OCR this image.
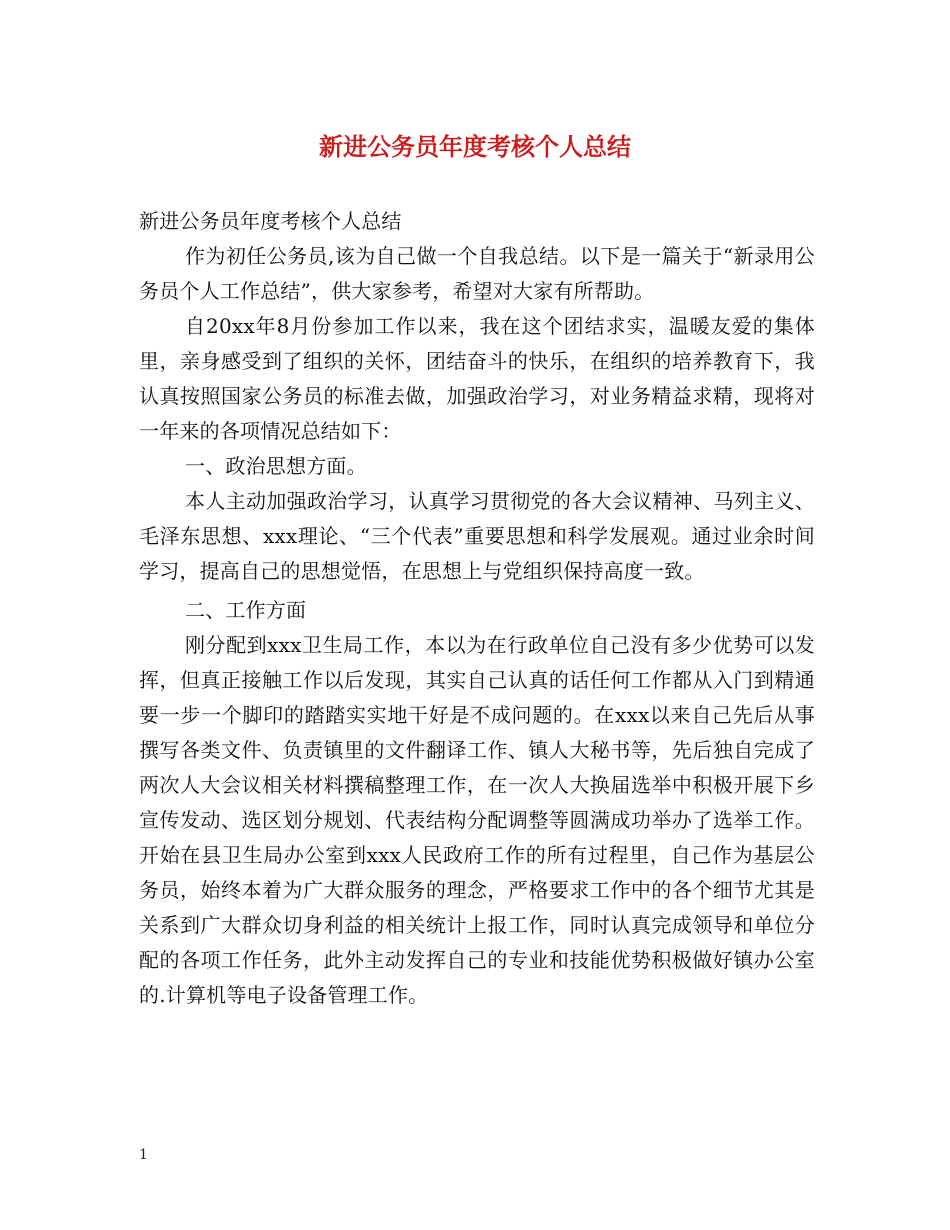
新进公务员年度考核个人总结

新进公务员年度考核个人总结

作为初任公务员,该为自己做一个自我总结。以下是一篇关于“新录用公务员个人工作总结”，供大家参考，希望对大家有所帮助。

自20xx年8月份参加工作以来，我在这个团结求实，温暖友爱的集体里，亲身感受到了组织的关怀，团结奋斗的快乐，在组织的培养教育下，我认真按照国家公务员的标准去做，加强政治学习，对业务精益求精，现将对一年来的各项情况总结如下：

一、政治思想方面。

本人主动加强政治学习，认真学习贯彻党的各大会议精神、马列主义、毛泽东思想、xxx理论、“三个代表”重要思想和科学发展观。通过业余时间学习，提高自己的思想觉悟，在思想上与党组织保持高度一致。

二、工作方面

刚分配到xxx卫生局工作，本以为在行政单位自己没有多少优势可以发挥，但真正接触工作以后发现，其实自己认真的话任何工作都从入门到精通要一步一个脚印的踏踏实实地干好是不成问题的。在xxx以来自己先后从事撰写各类文件、负责镇里的文件翻译工作、镇人大秘书等，先后独自完成了两次人大会议相关材料撰稿整理工作，在一次人大换届选举中积极开展下乡宣传发动、选区划分规划、代表结构分配调整等圆满成功举办了选举工作。开始在县卫生局办公室到xxx人民政府工作的所有过程里，自己作为基层公务员，始终本着为广大群众服务的理念，严格要求工作中的各个细节尤其是关系到广大群众切身利益的相关统计上报工作，同时认真完成领导和单位分配的各项工作任务，此外主动发挥自己的专业和技能优势积极做好镇办公室的.计算机等电子设备管理工作。

1
